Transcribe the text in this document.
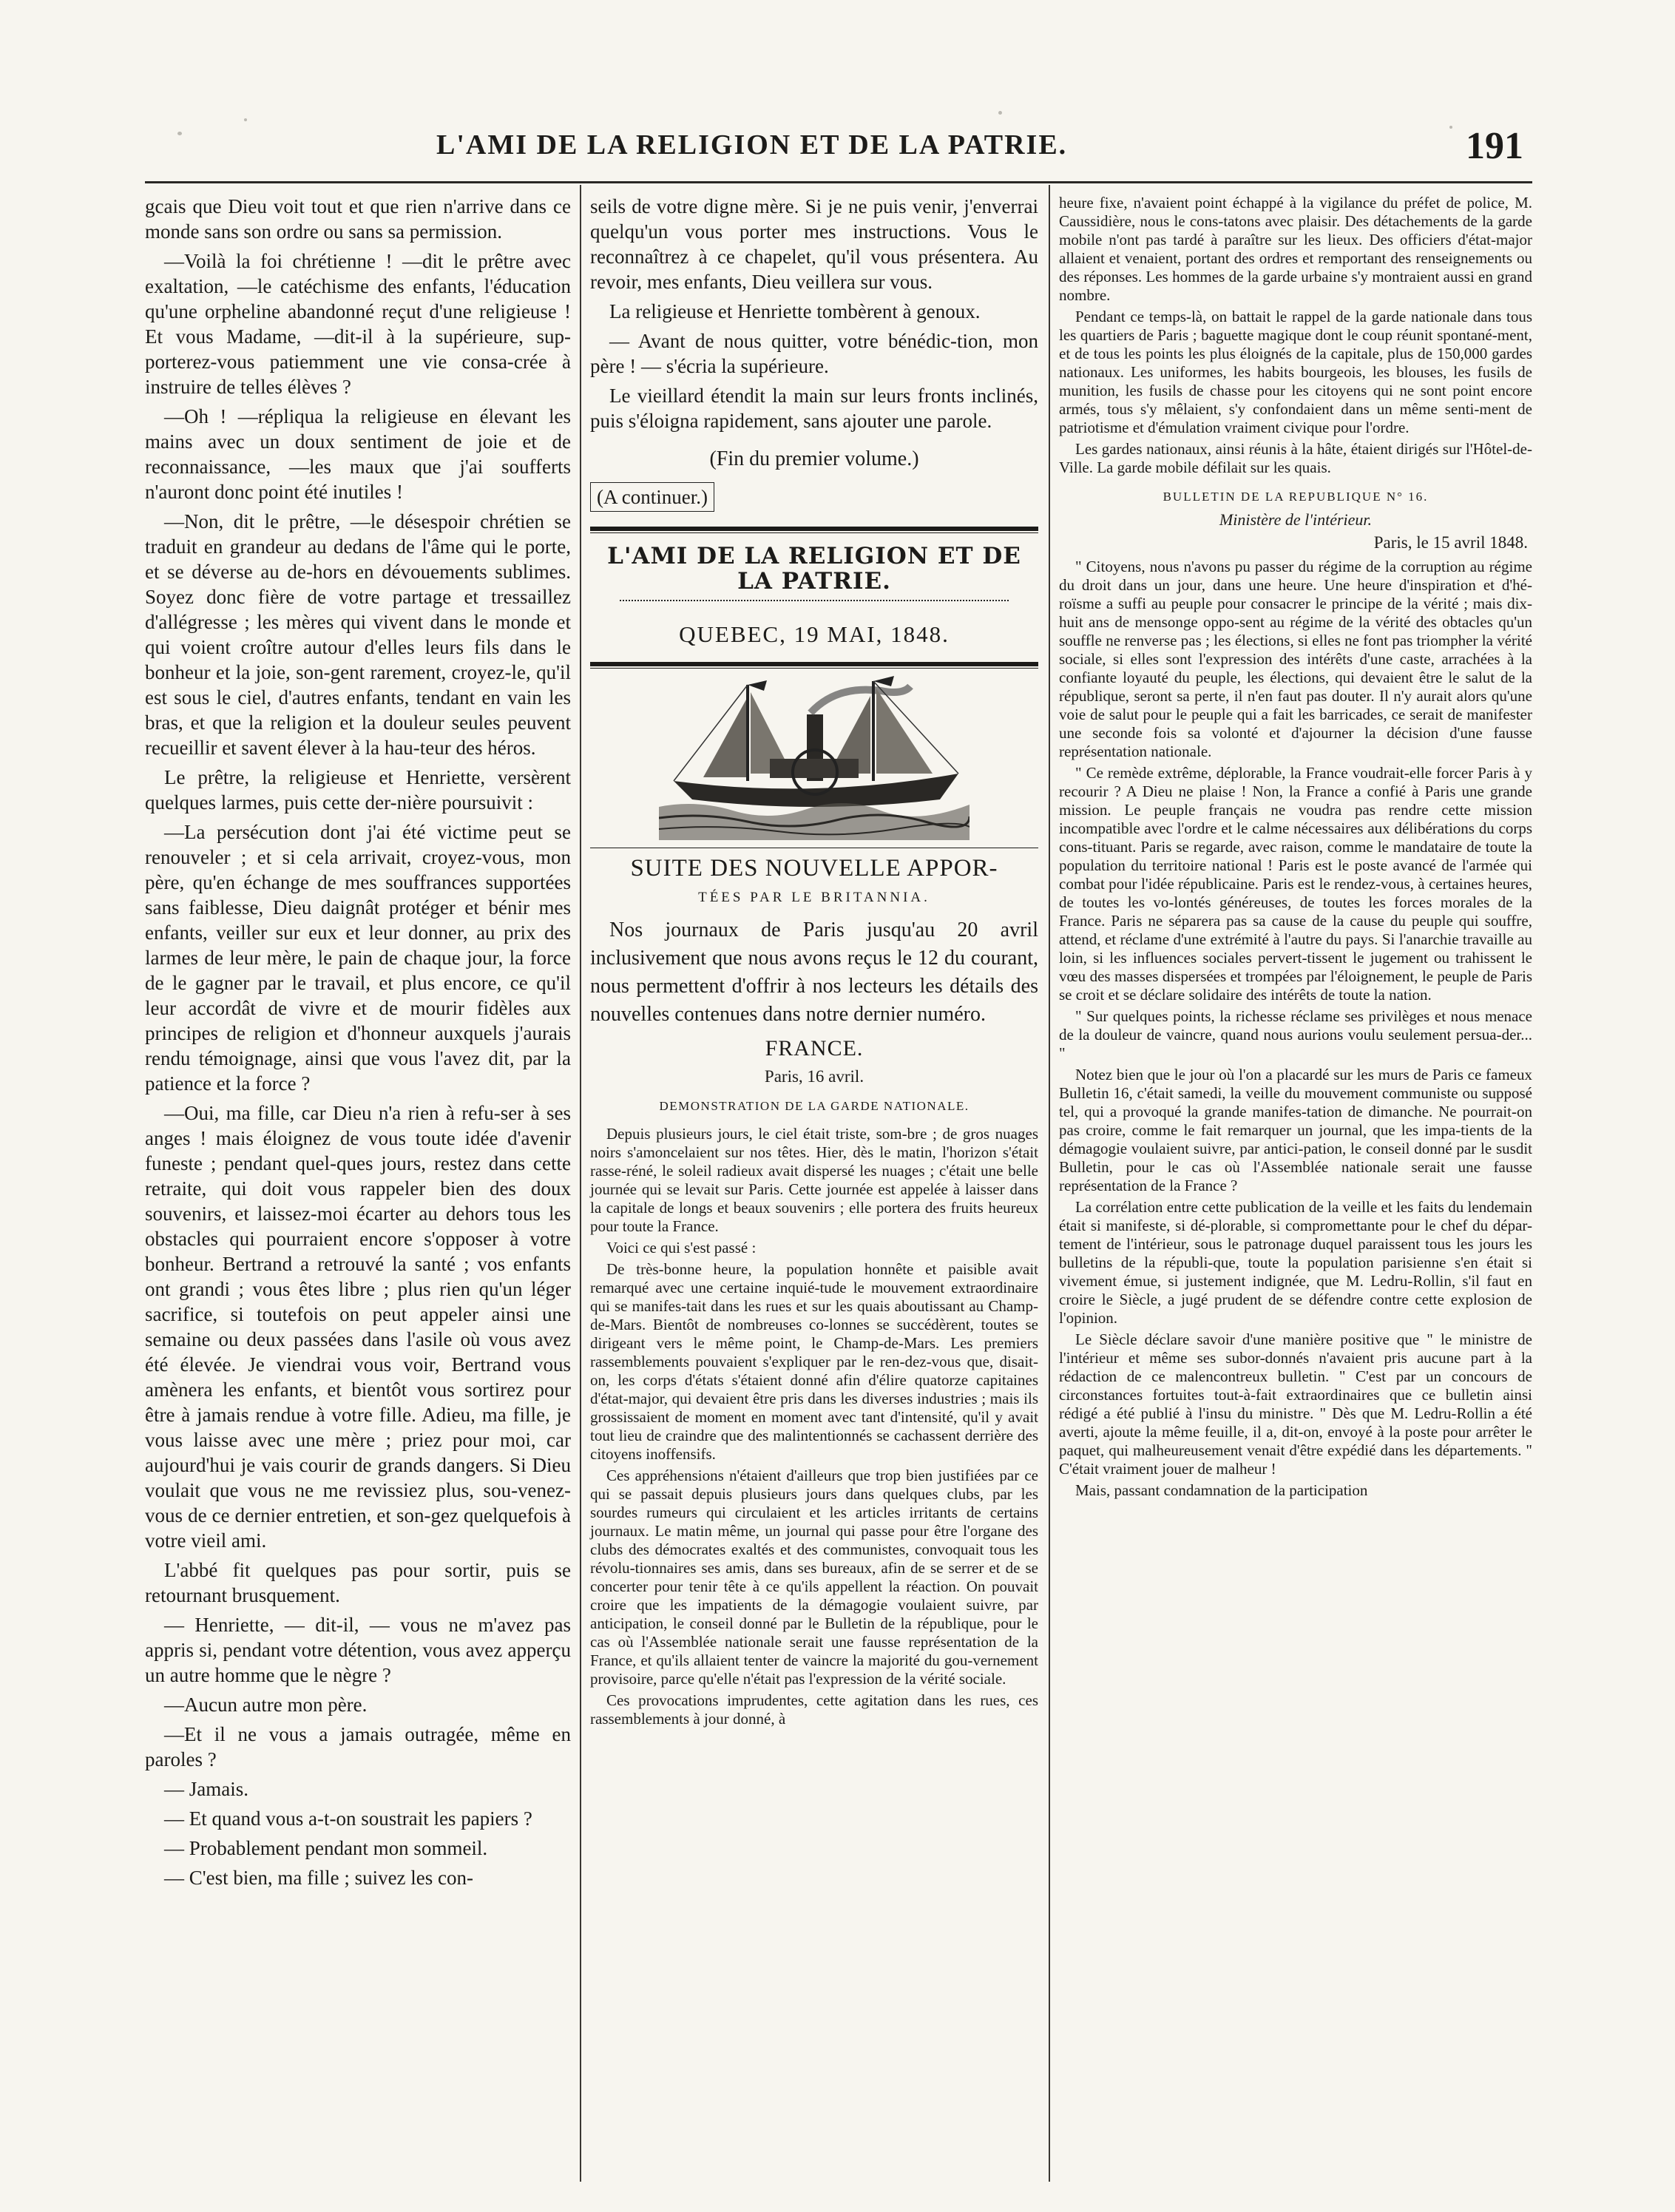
L'AMI DE LA RELIGION ET DE LA PATRIE.	191

gcais que Dieu voit tout et que rien n'arrive dans ce monde sans son ordre ou sans sa permission.

—Voilà la foi chrétienne ! —dit le prêtre avec exaltation, —le catéchisme des enfants, l'éducation qu'une orpheline abandonné reçut d'une religieuse ! Et vous Madame, —dit-il à la supérieure, sup-porterez-vous patiemment une vie consa-crée à instruire de telles élèves ?

—Oh ! —répliqua la religieuse en élevant les mains avec un doux sentiment de joie et de reconnaissance, —les maux que j'ai soufferts n'auront donc point été inutiles !

—Non, dit le prêtre, —le désespoir chrétien se traduit en grandeur au dedans de l'âme qui le porte, et se déverse au de-hors en dévouements sublimes. Soyez donc fière de votre partage et tressaillez d'allégresse ; les mères qui vivent dans le monde et qui voient croître autour d'elles leurs fils dans le bonheur et la joie, son-gent rarement, croyez-le, qu'il est sous le ciel, d'autres enfants, tendant en vain les bras, et que la religion et la douleur seules peuvent recueillir et savent élever à la hau-teur des héros.

Le prêtre, la religieuse et Henriette, versèrent quelques larmes, puis cette der-nière poursuivit :

—La persécution dont j'ai été victime peut se renouveler ; et si cela arrivait, croyez-vous, mon père, qu'en échange de mes souffrances supportées sans faiblesse, Dieu daignât protéger et bénir mes enfants, veiller sur eux et leur donner, au prix des larmes de leur mère, le pain de chaque jour, la force de le gagner par le travail, et plus encore, ce qu'il leur accordât de vivre et de mourir fidèles aux principes de religion et d'honneur auxquels j'aurais rendu témoignage, ainsi que vous l'avez dit, par la patience et la force ?

—Oui, ma fille, car Dieu n'a rien à refu-ser à ses anges ! mais éloignez de vous toute idée d'avenir funeste ; pendant quel-ques jours, restez dans cette retraite, qui doit vous rappeler bien des doux souvenirs, et laissez-moi écarter au dehors tous les obstacles qui pourraient encore s'opposer à votre bonheur. Bertrand a retrouvé la santé ; vos enfants ont grandi ; vous êtes libre ; plus rien qu'un léger sacrifice, si toutefois on peut appeler ainsi une semaine ou deux passées dans l'asile où vous avez été élevée. Je viendrai vous voir, Bertrand vous amènera les enfants, et bientôt vous sortirez pour être à jamais rendue à votre fille. Adieu, ma fille, je vous laisse avec une mère ; priez pour moi, car aujourd'hui je vais courir de grands dangers. Si Dieu voulait que vous ne me revissiez plus, sou-venez-vous de ce dernier entretien, et son-gez quelquefois à votre vieil ami.

L'abbé fit quelques pas pour sortir, puis se retournant brusquement.

— Henriette, — dit-il, — vous ne m'avez pas appris si, pendant votre détention, vous avez apperçu un autre homme que le nègre ?

—Aucun autre mon père.

—Et il ne vous a jamais outragée, même en paroles ?

— Jamais.

— Et quand vous a-t-on soustrait les papiers ?

— Probablement pendant mon sommeil.

— C'est bien, ma fille ; suivez les con-

seils de votre digne mère. Si je ne puis venir, j'enverrai quelqu'un vous porter mes instructions. Vous le reconnaîtrez à ce chapelet, qu'il vous présentera. Au revoir, mes enfants, Dieu veillera sur vous.

La religieuse et Henriette tombèrent à genoux.

— Avant de nous quitter, votre bénédic-tion, mon père ! — s'écria la supérieure.

Le vieillard étendit la main sur leurs fronts inclinés, puis s'éloigna rapidement, sans ajouter une parole.

(Fin du premier volume.)
(A continuer.)
L'AMI DE LA RELIGION ET DE LA PATRIE.
QUEBEC, 19 MAI, 1848.
SUITE DES NOUVELLE APPOR-
TÉES PAR LE BRITANNIA.

Nos journaux de Paris jusqu'au 20 avril inclusivement que nous avons reçus le 12 du courant, nous permettent d'offrir à nos lecteurs les détails des nouvelles contenues dans notre dernier numéro.

FRANCE.
Paris, 16 avril.
DEMONSTRATION DE LA GARDE NATIONALE.

Depuis plusieurs jours, le ciel était triste, som-bre ; de gros nuages noirs s'amoncelaient sur nos têtes. Hier, dès le matin, l'horizon s'était rasse-réné, le soleil radieux avait dispersé les nuages ; c'était une belle journée qui se levait sur Paris. Cette journée est appelée à laisser dans la capitale de longs et beaux souvenirs ; elle portera des fruits heureux pour toute la France.

Voici ce qui s'est passé :

De très-bonne heure, la population honnête et paisible avait remarqué avec une certaine inquié-tude le mouvement extraordinaire qui se manifes-tait dans les rues et sur les quais aboutissant au Champ-de-Mars. Bientôt de nombreuses co-lonnes se succédèrent, toutes se dirigeant vers le même point, le Champ-de-Mars. Les premiers rassemblements pouvaient s'expliquer par le ren-dez-vous que, disait-on, les corps d'états s'étaient donné afin d'élire quatorze capitaines d'état-major, qui devaient être pris dans les diverses industries ; mais ils grossissaient de moment en moment avec tant d'intensité, qu'il y avait tout lieu de craindre que des malintentionnés se cachassent derrière des citoyens inoffensifs.

Ces appréhensions n'étaient d'ailleurs que trop bien justifiées par ce qui se passait depuis plusieurs jours dans quelques clubs, par les sourdes rumeurs qui circulaient et les articles irritants de certains journaux. Le matin même, un journal qui passe pour être l'organe des clubs des démocrates exaltés et des communistes, convoquait tous les révolu-tionnaires ses amis, dans ses bureaux, afin de se serrer et de se concerter pour tenir tête à ce qu'ils appellent la réaction. On pouvait croire que les impatients de la démagogie voulaient suivre, par anticipation, le conseil donné par le Bulletin de la république, pour le cas où l'Assemblée nationale serait une fausse représentation de la France, et qu'ils allaient tenter de vaincre la majorité du gou-vernement provisoire, parce qu'elle n'était pas l'expression de la vérité sociale.

Ces provocations imprudentes, cette agitation dans les rues, ces rassemblements à jour donné, à

heure fixe, n'avaient point échappé à la vigilance du préfet de police, M. Caussidière, nous le cons-tatons avec plaisir. Des détachements de la garde mobile n'ont pas tardé à paraître sur les lieux. Des officiers d'état-major allaient et venaient, portant des ordres et remportant des renseignements ou des réponses. Les hommes de la garde urbaine s'y montraient aussi en grand nombre.

Pendant ce temps-là, on battait le rappel de la garde nationale dans tous les quartiers de Paris ; baguette magique dont le coup réunit spontané-ment, et de tous les points les plus éloignés de la capitale, plus de 150,000 gardes nationaux. Les uniformes, les habits bourgeois, les blouses, les fusils de munition, les fusils de chasse pour les citoyens qui ne sont point encore armés, tous s'y mêlaient, s'y confondaient dans un même senti-ment de patriotisme et d'émulation vraiment civique pour l'ordre.

Les gardes nationaux, ainsi réunis à la hâte, étaient dirigés sur l'Hôtel-de-Ville. La garde mobile défilait sur les quais.

BULLETIN DE LA REPUBLIQUE N° 16.
Ministère de l'intérieur.
Paris, le 15 avril 1848.

" Citoyens, nous n'avons pu passer du régime de la corruption au régime du droit dans un jour, dans une heure. Une heure d'inspiration et d'hé-roïsme a suffi au peuple pour consacrer le principe de la vérité ; mais dix-huit ans de mensonge oppo-sent au régime de la vérité des obtacles qu'un souffle ne renverse pas ; les élections, si elles ne font pas triompher la vérité sociale, si elles sont l'expression des intérêts d'une caste, arrachées à la confiante loyauté du peuple, les élections, qui devaient être le salut de la république, seront sa perte, il n'en faut pas douter. Il n'y aurait alors qu'une voie de salut pour le peuple qui a fait les barricades, ce serait de manifester une seconde fois sa volonté et d'ajourner la décision d'une fausse représentation nationale.

" Ce remède extrême, déplorable, la France voudrait-elle forcer Paris à y recourir ? A Dieu ne plaise ! Non, la France a confié à Paris une grande mission. Le peuple français ne voudra pas rendre cette mission incompatible avec l'ordre et le calme nécessaires aux délibérations du corps cons-tituant. Paris se regarde, avec raison, comme le mandataire de toute la population du territoire national ! Paris est le poste avancé de l'armée qui combat pour l'idée républicaine. Paris est le rendez-vous, à certaines heures, de toutes les vo-lontés généreuses, de toutes les forces morales de la France. Paris ne séparera pas sa cause de la cause du peuple qui souffre, attend, et réclame d'une extrémité à l'autre du pays. Si l'anarchie travaille au loin, si les influences sociales pervert-tissent le jugement ou trahissent le vœu des masses dispersées et trompées par l'éloignement, le peuple de Paris se croit et se déclare solidaire des intérêts de toute la nation.

" Sur quelques points, la richesse réclame ses privilèges et nous menace de la douleur de vaincre, quand nous aurions voulu seulement persua-der... "

Notez bien que le jour où l'on a placardé sur les murs de Paris ce fameux Bulletin 16, c'était samedi, la veille du mouvement communiste ou supposé tel, qui a provoqué la grande manifes-tation de dimanche. Ne pourrait-on pas croire, comme le fait remarquer un journal, que les impa-tients de la démagogie voulaient suivre, par antici-pation, le conseil donné par le susdit Bulletin, pour le cas où l'Assemblée nationale serait une fausse représentation de la France ?

La corrélation entre cette publication de la veille et les faits du lendemain était si manifeste, si dé-plorable, si compromettante pour le chef du dépar-tement de l'intérieur, sous le patronage duquel paraissent tous les jours les bulletins de la républi-que, toute la population parisienne s'en était si vivement émue, si justement indignée, que M. Ledru-Rollin, s'il faut en croire le Siècle, a jugé prudent de se défendre contre cette explosion de l'opinion.

Le Siècle déclare savoir d'une manière positive que " le ministre de l'intérieur et même ses subor-donnés n'avaient pris aucune part à la rédaction de ce malencontreux bulletin. " C'est par un concours de circonstances fortuites tout-à-fait extraordinaires que ce bulletin ainsi rédigé a été publié à l'insu du ministre. " Dès que M. Ledru-Rollin a été averti, ajoute la même feuille, il a, dit-on, envoyé à la poste pour arrêter le paquet, qui malheureusement venait d'être expédié dans les départements. " C'était vraiment jouer de malheur !

Mais, passant condamnation de la participation
